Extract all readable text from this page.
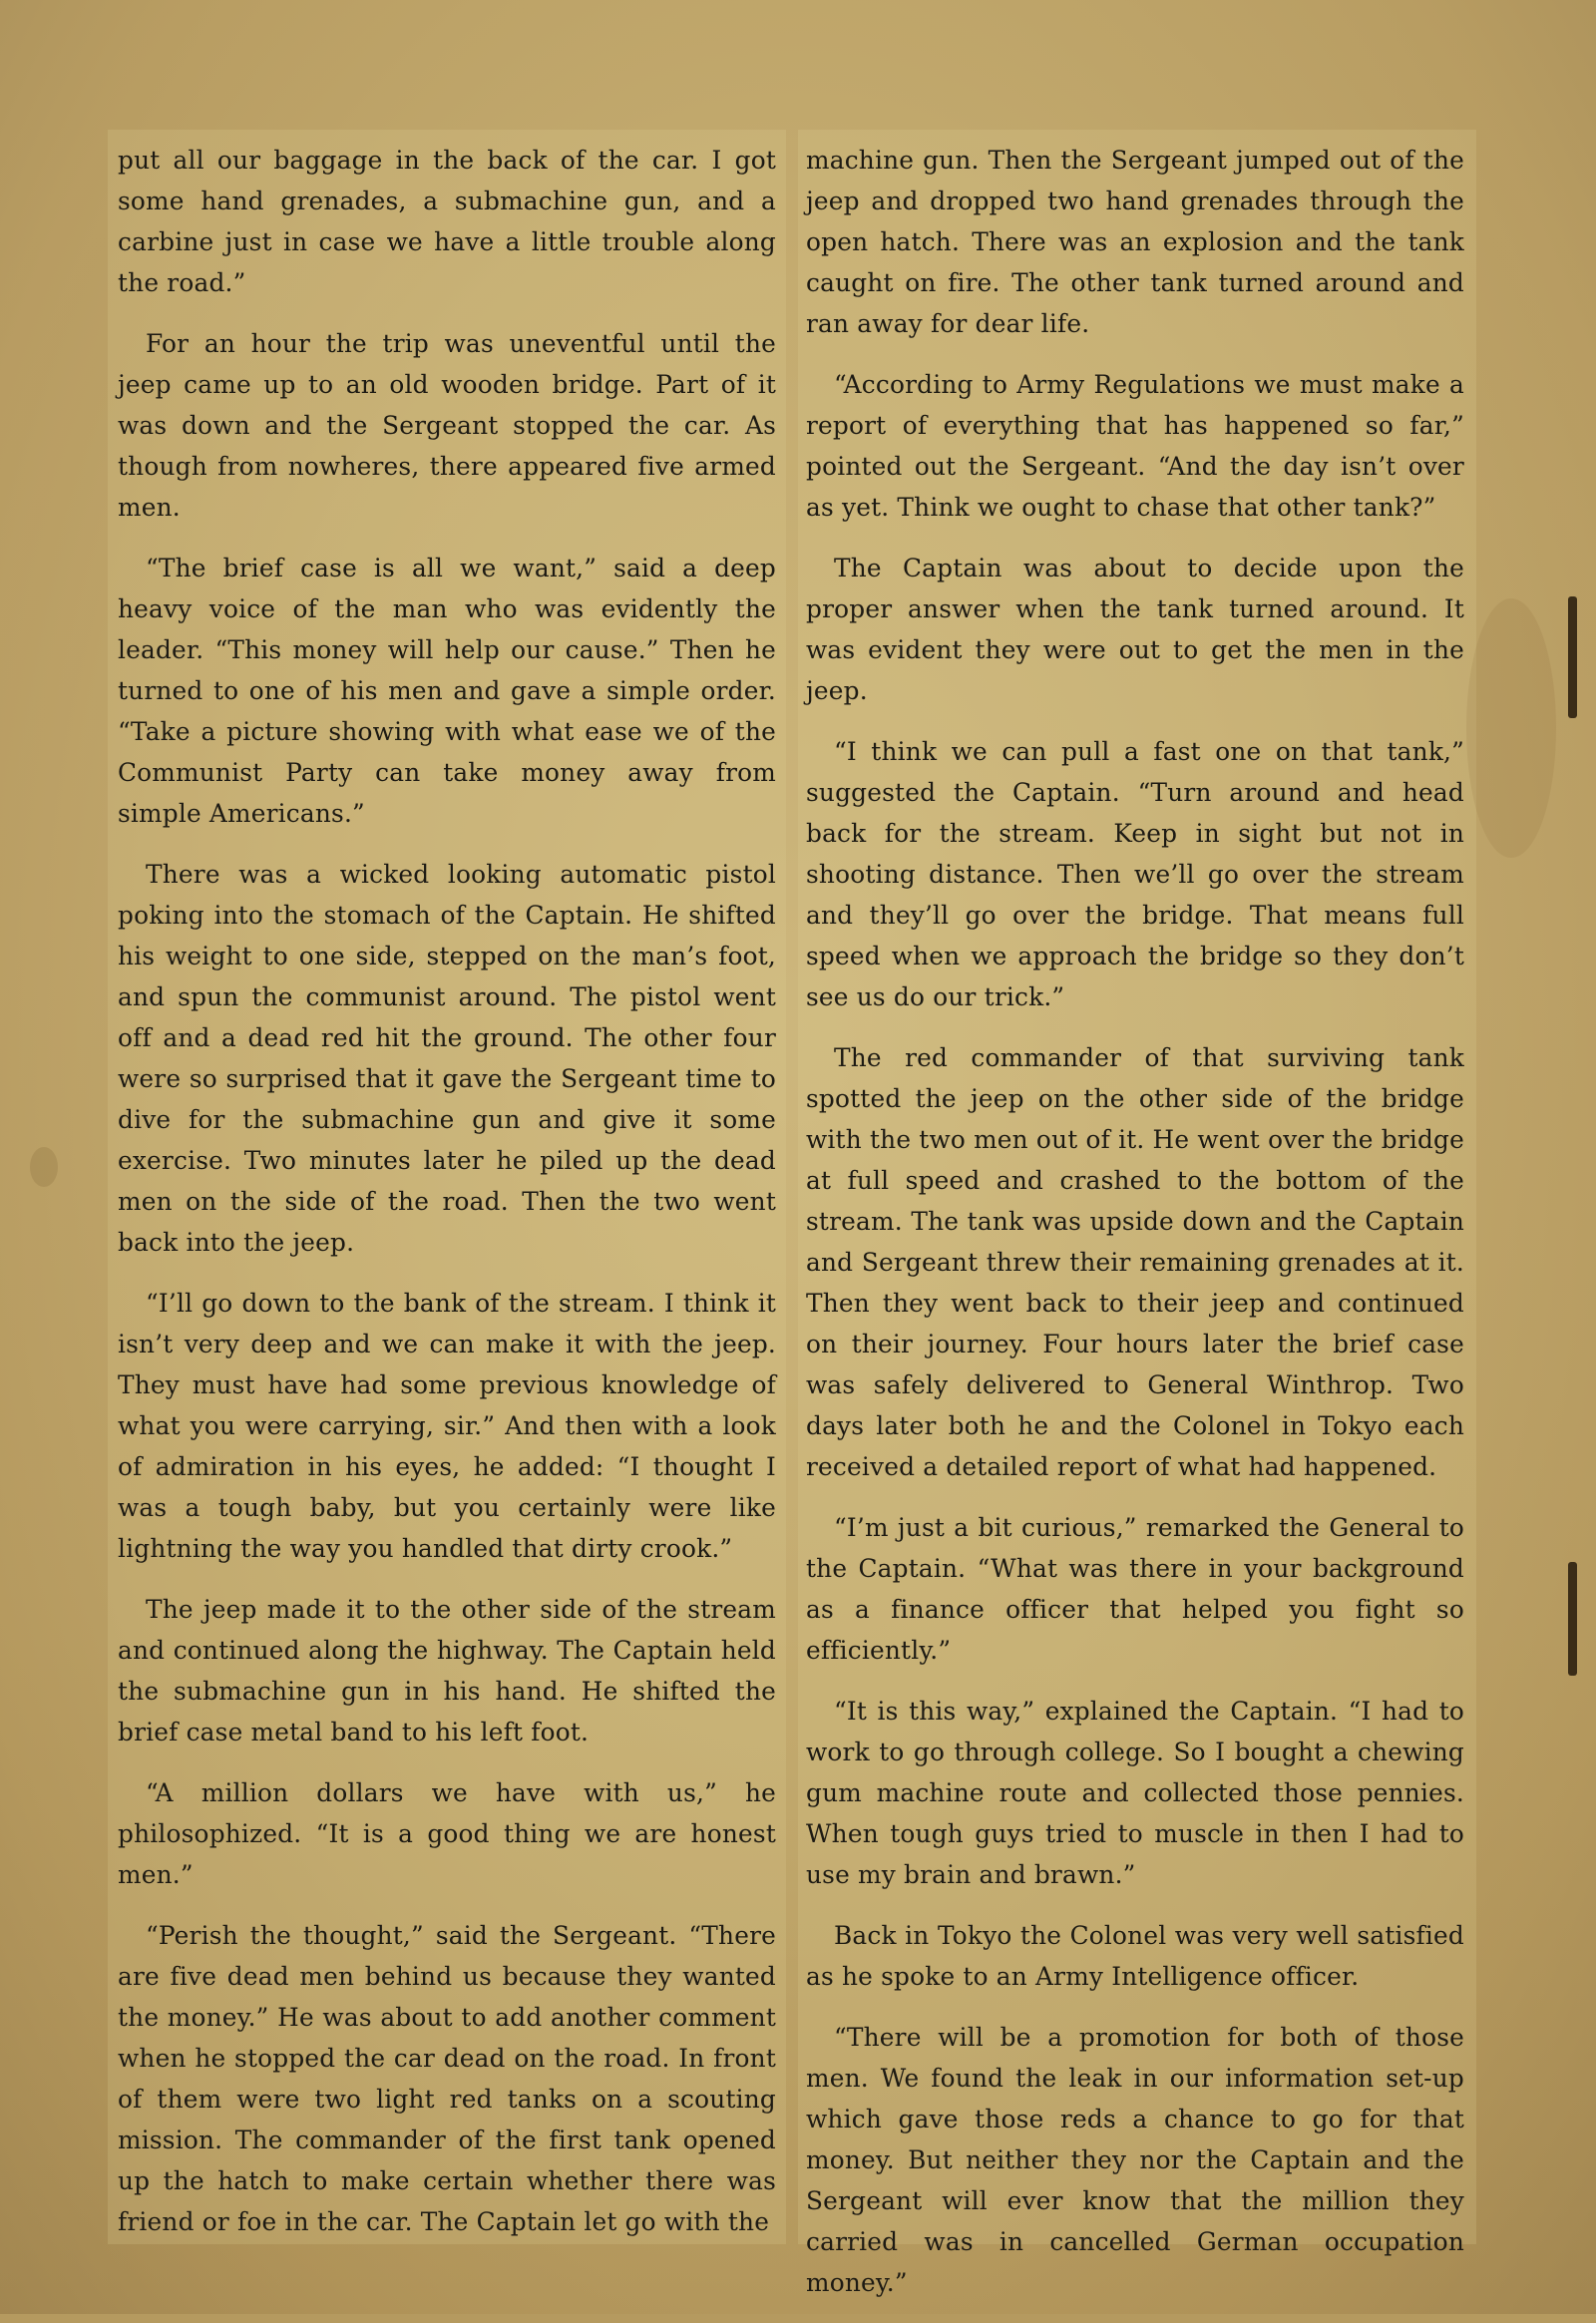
put all our baggage in the back of the car. I got some hand grenades, a submachine gun, and a carbine just in case we have a little trouble along the road.”

For an hour the trip was uneventful until the jeep came up to an old wooden bridge. Part of it was down and the Sergeant stopped the car. As though from nowheres, there appeared five armed men.

“The brief case is all we want,” said a deep heavy voice of the man who was evidently the leader. “This money will help our cause.” Then he turned to one of his men and gave a simple order. “Take a picture showing with what ease we of the Communist Party can take money away from simple Americans.”

There was a wicked looking automatic pistol poking into the stomach of the Captain. He shifted his weight to one side, stepped on the man’s foot, and spun the communist around. The pistol went off and a dead red hit the ground. The other four were so surprised that it gave the Sergeant time to dive for the submachine gun and give it some exercise. Two minutes later he piled up the dead men on the side of the road. Then the two went back into the jeep.

“I’ll go down to the bank of the stream. I think it isn’t very deep and we can make it with the jeep. They must have had some previous knowledge of what you were carrying, sir.” And then with a look of admiration in his eyes, he added: “I thought I was a tough baby, but you certainly were like lightning the way you handled that dirty crook.”

The jeep made it to the other side of the stream and continued along the highway. The Captain held the submachine gun in his hand. He shifted the brief case metal band to his left foot.

“A million dollars we have with us,” he philosophized. “It is a good thing we are honest men.”

“Perish the thought,” said the Sergeant. “There are five dead men behind us because they wanted the money.” He was about to add another comment when he stopped the car dead on the road. In front of them were two light red tanks on a scouting mission. The commander of the first tank opened up the hatch to make certain whether there was friend or foe in the car. The Captain let go with the

machine gun. Then the Sergeant jumped out of the jeep and dropped two hand grenades through the open hatch. There was an explosion and the tank caught on fire. The other tank turned around and ran away for dear life.

“According to Army Regulations we must make a report of everything that has happened so far,” pointed out the Sergeant. “And the day isn’t over as yet. Think we ought to chase that other tank?”

The Captain was about to decide upon the proper answer when the tank turned around. It was evident they were out to get the men in the jeep.

“I think we can pull a fast one on that tank,” suggested the Captain. “Turn around and head back for the stream. Keep in sight but not in shooting distance. Then we’ll go over the stream and they’ll go over the bridge. That means full speed when we approach the bridge so they don’t see us do our trick.”

The red commander of that surviving tank spotted the jeep on the other side of the bridge with the two men out of it. He went over the bridge at full speed and crashed to the bottom of the stream. The tank was upside down and the Captain and Sergeant threw their remaining grenades at it. Then they went back to their jeep and continued on their journey. Four hours later the brief case was safely delivered to General Winthrop. Two days later both he and the Colonel in Tokyo each received a detailed report of what had happened.

“I’m just a bit curious,” remarked the General to the Captain. “What was there in your background as a finance officer that helped you fight so efficiently.”

“It is this way,” explained the Captain. “I had to work to go through college. So I bought a chewing gum machine route and collected those pennies. When tough guys tried to muscle in then I had to use my brain and brawn.”

Back in Tokyo the Colonel was very well satisfied as he spoke to an Army Intelligence officer.

“There will be a promotion for both of those men. We found the leak in our information set-up which gave those reds a chance to go for that money. But neither they nor the Captain and the Sergeant will ever know that the million they carried was in cancelled German occupation money.”
